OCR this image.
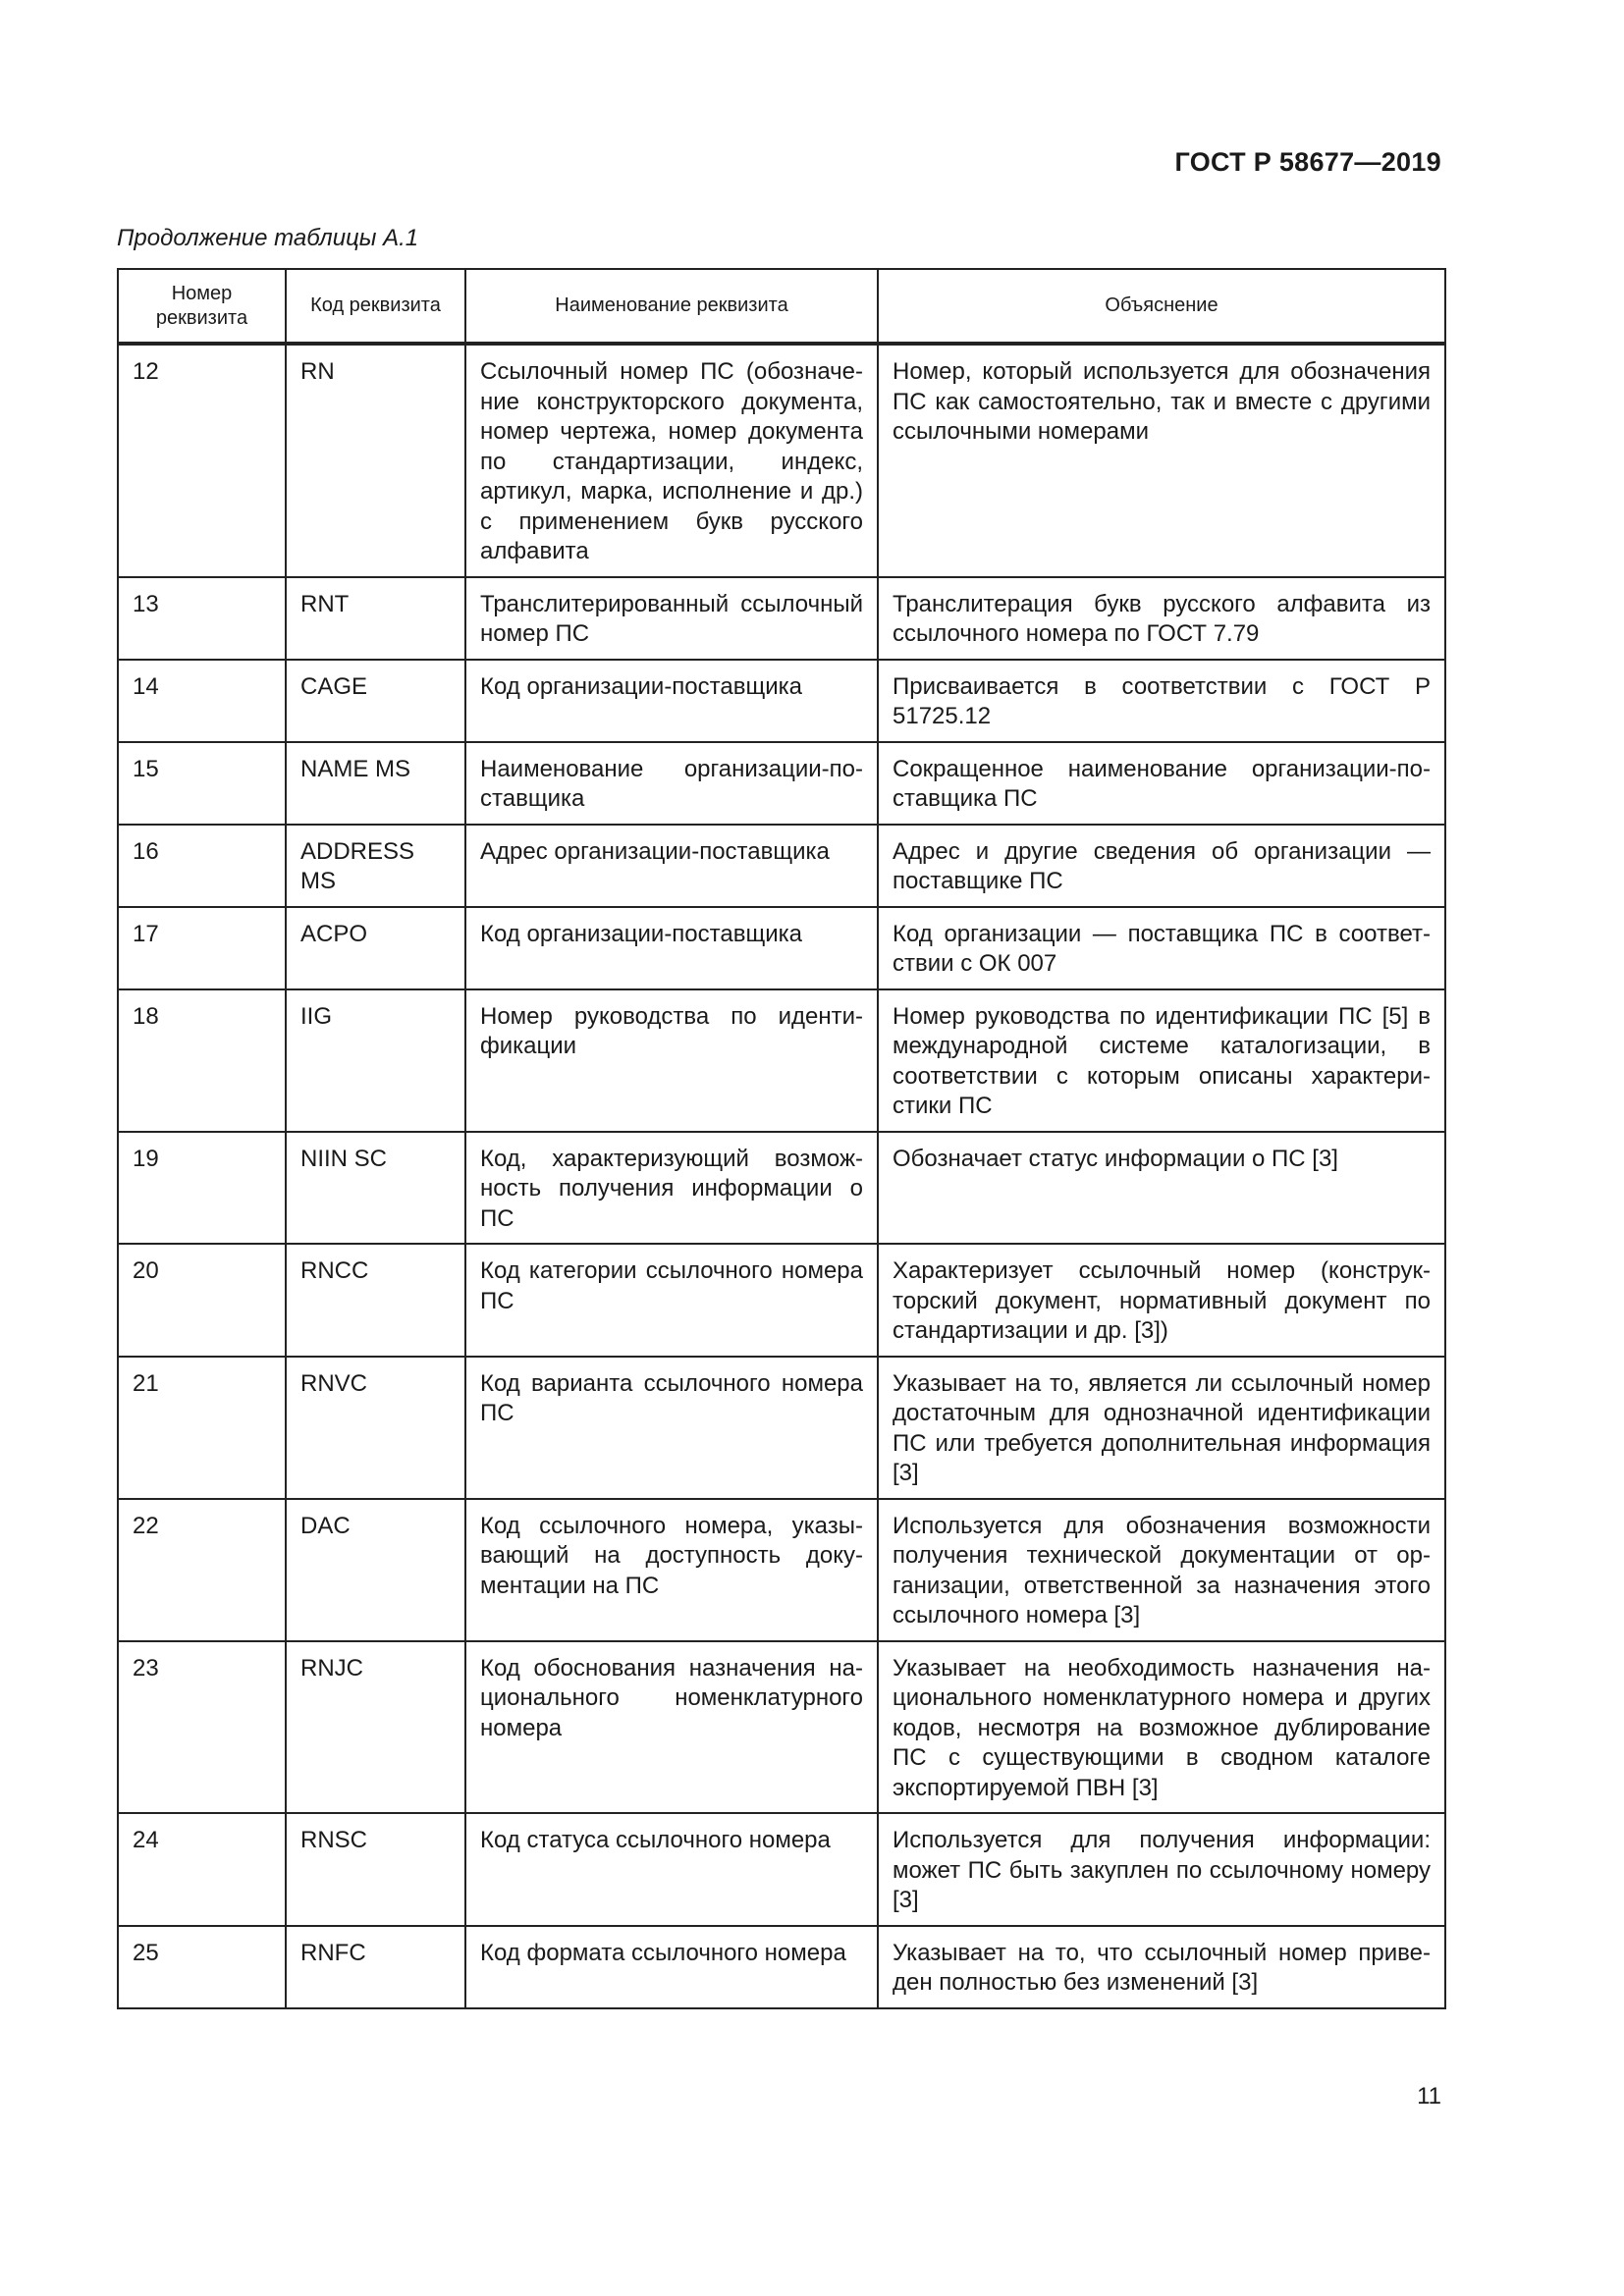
ГОСТ Р 58677—2019
Продолжение таблицы А.1
Номер реквизита	Код реквизита	Наименование реквизита	Объяснение
12	RN	Ссылочный номер ПС (обозначение конструкторского документа, номер чертежа, номер документа по стандартизации, индекс, артикул, марка, исполнение и др.) с применением букв русского алфавита	Номер, который используется для обозначения ПС как самостоятельно, так и вместе с другими ссылочными номерами
13	RNT	Транслитерированный ссылочный номер ПС	Транслитерация букв русского алфавита из ссылочного номера по ГОСТ 7.79
14	CAGE	Код организации-поставщика	Присваивается в соответствии с ГОСТ Р 51725.12
15	NAME MS	Наименование организации-поставщика	Сокращенное наименование организации-поставщика ПС
16	ADDRESS MS	Адрес организации-поставщика	Адрес и другие сведения об организации — поставщике ПС
17	ACPO	Код организации-поставщика	Код организации — поставщика ПС в соответствии с ОК 007
18	IIG	Номер руководства по идентификации	Номер руководства по идентификации ПС [5] в международной системе каталогизации, в соответствии с которым описаны характеристики ПС
19	NIIN SC	Код, характеризующий возможность получения информации о ПС	Обозначает статус информации о ПС [3]
20	RNCC	Код категории ссылочного номера ПС	Характеризует ссылочный номер (конструкторский документ, нормативный документ по стандартизации и др. [3])
21	RNVC	Код варианта ссылочного номера ПС	Указывает на то, является ли ссылочный номер достаточным для однозначной идентификации ПС или требуется дополнительная информация [3]
22	DAC	Код ссылочного номера, указывающий на доступность документации на ПС	Используется для обозначения возможности получения технической документации от организации, ответственной за назначения этого ссылочного номера [3]
23	RNJC	Код обоснования назначения национального номенклатурного номера	Указывает на необходимость назначения национального номенклатурного номера и других кодов, несмотря на возможное дублирование ПС с существующими в сводном каталоге экспортируемой ПВН [3]
24	RNSC	Код статуса ссылочного номера	Используется для получения информации: может ПС быть закуплен по ссылочному номеру [3]
25	RNFC	Код формата ссылочного номера	Указывает на то, что ссылочный номер приведен полностью без изменений [3]
11
